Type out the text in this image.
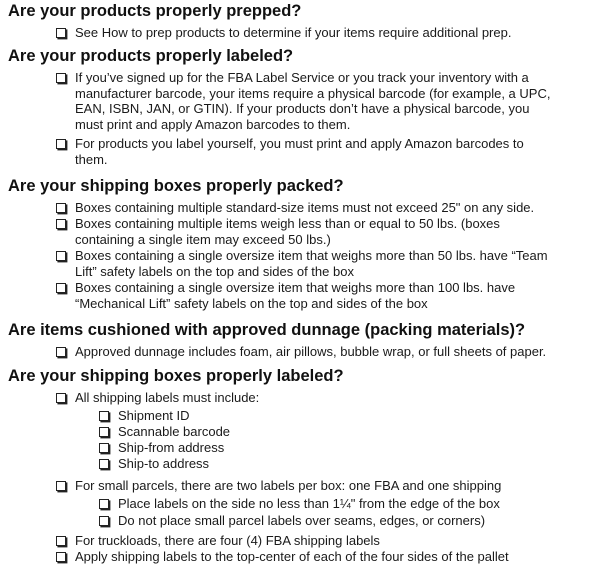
Are your products properly prepped?
See How to prep products to determine if your items require additional prep.
Are your products properly labeled?
If you’ve signed up for the FBA Label Service or you track your inventory with a
manufacturer barcode, your items require a physical barcode (for example, a UPC,
EAN, ISBN, JAN, or GTIN). If your products don’t have a physical barcode, you
must print and apply Amazon barcodes to them.
For products you label yourself, you must print and apply Amazon barcodes to
them.
Are your shipping boxes properly packed?
Boxes containing multiple standard-size items must not exceed 25" on any side.
Boxes containing multiple items weigh less than or equal to 50 lbs. (boxes
containing a single item may exceed 50 lbs.)
Boxes containing a single oversize item that weighs more than 50 lbs. have “Team
Lift” safety labels on the top and sides of the box
Boxes containing a single oversize item that weighs more than 100 lbs. have
“Mechanical Lift” safety labels on the top and sides of the box
Are items cushioned with approved dunnage (packing materials)?
Approved dunnage includes foam, air pillows, bubble wrap, or full sheets of paper.
Are your shipping boxes properly labeled?
All shipping labels must include:
Shipment ID
Scannable barcode
Ship-from address
Ship-to address
For small parcels, there are two labels per box: one FBA and one shipping
Place labels on the side no less than 1¼" from the edge of the box
Do not place small parcel labels over seams, edges, or corners)
For truckloads, there are four (4) FBA shipping labels
Apply shipping labels to the top-center of each of the four sides of the pallet
